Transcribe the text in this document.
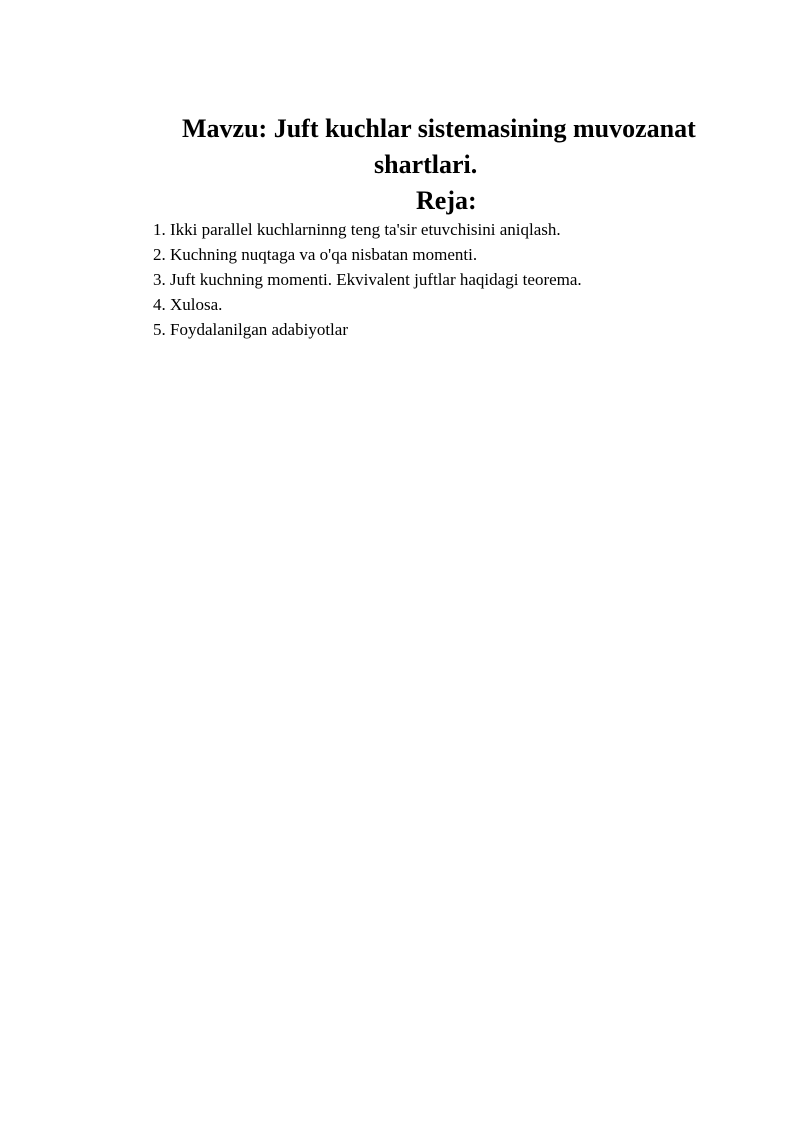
Mavzu: Juft kuchlar sistemasining muvozanat
shartlari.
Reja:
1. Ikki parallel kuchlarninng teng ta'sir etuvchisini aniqlash.
2. Kuchning nuqtaga va o'qa nisbatan momenti.
3. Juft kuchning momenti. Ekvivalent juftlar haqidagi teorema.
4. Xulosa.
5. Foydalanilgan adabiyotlar
